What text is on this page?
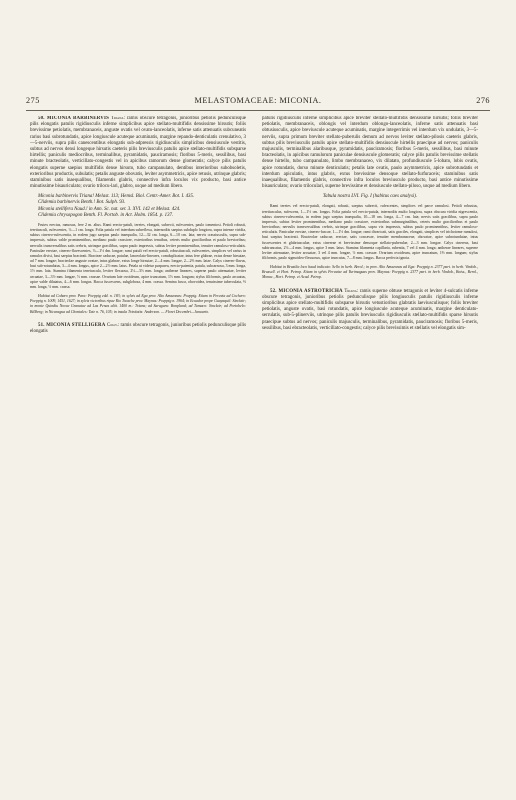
275	MELASTOMACEAE: MICONIA.	276

50. MICONIA BARBINERVIS Triana: ramis obscure tetragonis, junioribus petiolis pedunculisque pilis elongatis patulis rigidiusculis inferne simplicibus apice stellato-multifidis densissime hirsutis; foliis brevissime petiolatis, membranaceis, anguste ovatis vel ovato-lanceolatis, inferne satis attenuatis subcuneatis rarius basi subrotundatis, apice longiuscule acuteque acuminatis, margine repando-denticulatis crenulativo, 3—5-nerviis, supra pilis canescentibus elongatis sub-adpressis rigidiusculis simplicibus densiuscule vestitis, subtus ad nervos densi longeque hirsutis caeteris pilis breviusculis patulis apice stellato-multifidis subsparse hirtellis; paniculis mediocribus, terminalibus, pyramidatis, pauciramosis; floribus 5-meris, sessilibus, basi minute bracteolatis, verticillato-congestis vel in apicibus ramorum dense glomeratis; calyce pilis patulis elongatis superne saepius multifidis dense hirsuto, tubo campanulato, dentibus interioribus subobsoletis, exterioribus productis, subulatis; petalis anguste obovatis, leviter asymmetricis, apice retusis, utrinque glabris; staminibus satis inaequalibus, filamentis glabris, connectivo infra loculos vix producto, basi antice minutissime bisauriculato; ovario trilocu-lari, glabro, usque ad medium libero.

Miconia barbinervis Triana! Melast. 113; Hemsl. Biol. Centr.-Amer. Bot. I. 435.

Clidemia barbinervis Benth.! Bot. Sulph. 93.

Miconia stellifera Naud.! in Ann. Sc. nat. ser. 3. XVI. 142 et Melast. 424.

Clidemia chrysopogon Benth. Fl. Portob. in Act. Holm. 1854. p. 137.

Frutex erectus, ramosus, fere 2 m. altus. Rami erecto-patuli, teretes, elongati, subrecti, rufescentes, paulo tomentosi. Petioli robusti, teretiusculi, rufescentes, ⅓—1 cm. longa. Folia patula vel interdum subreflexa, internodiis saepius subduplo longiora, supra intense viridia, subtus cinereo-rufescentia, in eodem jugo saepius paulo inaequalia, 12—32 cm. longa, 6—10 cm. lata; nervis crassiusculis, supra sub-impressis, subtus valde prominentibus, mediano paulo crassiore, exterioribus tenuibus, ceteris multo gracilioribus et paulo brevioribus; nervulis transversalibus satis crebris, utrinque gracilibus, supra paulo impressis, subtus leviter prominentibus, tenuiter ramuloso-reticulatis. Paniculae erectae, cinereo-flavescentes, ⅓—1½ dm. longae; rami patuli vel erecto-patuli, robustiusculi, rufescentes, simplices vel rarius in ramulos divisi, basi saepius bracteati. Bracteae caducae, patulae, lanceolato-lineares, comduplicatae, intus fere glabrae, extus dense hirsutae, ad 7 mm. longae; bracteolae anguste ovatae, intus glabrae, extus longe hirsutae, 2—4 mm. longae, 2—2⅔ mm. latae. Calyx cinereo-flavus, basi sub-rotundatus, 3—4 mm. longus, apice 2—2½ mm. latus. Petala ut videtur purpurea, erecto-patentia, patula, subcarnosa, 3 mm. longa, 1½ mm. lata. Stamina filamenta teneiuscula, leviter flexuosa, 2⅓—3⅓ mm. longa; antherae lineares, superne paulo attenuatae, leviter arcuatae, 3—3½ mm. longae, ⅓ mm. crassae. Ovarium late ovoideum, apice truncatum, 1⅓ mm. longum; stylus filiformis, paulo arcuatus, apice valde dilatatus, 4—6 mm. longus. Bacca fuscescens, subglobosa, 4 mm. crassa. Semina fusca, obovoidea, tenuissime tuberculata, ⅔ mm. longa, ⅓ mm. crassa.

Habitat ad Cobaro prov. Para: Poeppig edd. n. 183; in sylvis ad Ega prov. Alto Amazonas: Poeppig. Etiam in Peruvia ad Cochero: Poeppig n. 1009, 1451, 1627; in sylvis victoribus ripae Rio Tocache prov. Maynas: Poeppig n. 1964; in Ecuador prope Guayaquil: Sinclair; in monte Quindiu Novae Granatae ad Las Penas altit. 1400 m.: Triana; ad Saraguru: Bonpland; ad Tumaco: Sinclair; ad Portobelo: Billberg; in Nicaragua ad Chontales: Tate n. 76, 105; in insula Trinitatis: Anderson. — Floret Decembri—Januario.

51. MICONIA STELLIGERA Cogn.: ramis obscure tetragonis, junioribus petiolis pedunculisque pilis elongatis

patulis rigidiusculis inferne simplicibus apice breviter stellato-multifidis densissime hirsutis; foliis breviter petiolatis, membranaceis, oblongis vel interdum oblongo-lanceolatis, inferne satis attenuatis basi obtusiusculis, apice breviuscule acuteque acuminatis, margine integerrimis vel interdum vix undulatis, 3—5-nerviis, supra primum breviter stellato-puberulis demum ad nervos leviter stellato-pilosis caeteris glabris, subtus pilis breviusculis patulis apice stellato-multifidis densiuscule hirtellis praecipue ad nervos; paniculis majusculis, terminalibus alaribusque, pyramidatis, pauciramosis; floribus 5-meris, sessilibus, basi minute bracteolatis, in apicibus ramulorum paniculae densiuscule glomeratis; calyce pilis patulis brevissime stellatis dense hirtello, tubo campanulato, limbo membranaceo, vix dilatato, profundiuscule 5-lobato, lobis ovatis, apice rotundatis, dorso minute denticulatis; petalis late ovatis, paulo asymmetricis, apice subrotundatis et interdum apiculatis, intus glabris, extus brevissime densoque stellato-furfuraceis; staminibus satis inaequalibus, filamentis glabris, connectivo infra loculos breviusculo producto, basi antice minutissime bisauriculato; ovario triloculari, superne brevissime et densiuscule stellato-piloso, usque ad medium libero.

Tabula nostra LVI. Fig. I (habitus caes analysi).

Rami teretes vel erecto-patuli, elongati, robusti, saepius subrecti, rufescentes, simplices vel parce ramulosi. Petioli robustus, teretiusculus, rufescens, 1—1½ cm. longus. Folia patula vel erecto-patula, internodiis multo longiora, supra obscura viridia nigrescentia, subtus cinereo-rufescentia, in eodem jugo saepius inaequalia, 10—18 cm. longa, 4—7 cm. lata; nervis satis gracilibus, supra paulo impressis, subtus leviter prominentibus, mediano paulo crassiore, exterioribus submarginalibus, ceteris multo gracilioribus et paulo brevioribus; nervulis transversalibus crebris, utrinque gracilibus, supra vix impressis, subtus paulo prominentibus, leviter ramuloso-reticulatis. Paniculae erectae, cinereo-fuscae, 1—1½ dm. longae; rami divaricati, satis graciles, elongati, simplices vel trichotome ramulosi, basi saepius bracteati. Bracteolae caducae, erectae, satis concavae, tenuiter membranaceae, obovatae, apice subrotundatae, intus fuscescentes et glabriusculae, extus cinereae et brevissime densoque stellato-puberulae, 2—3 mm. longae. Calyx cinereus, basi subtruncatus, 2½—4 mm. longus, apice 3 mm. latus. Stamina filamenta capillaria, rubentia, 7 vel 4 mm. longa; antherae lineares, superne leviter attenuatae, leviter arcuatae, 3 vel 4 mm. longae, ⅓ mm. crassae. Ovarium ovoideum, apice truncatum, 1⅔ mm. longum; stylus filiformis, paulo sigmoideo-flexuosus, apice truncatus, 7—8 mm. longus. Bacca perfecta ignota.

Habitat in Brasilia loco haud indicato: Sello in herb. Berol.; in prov. Alto Amazonas ad Ega: Poeppig n. 2377 part. in herb. Vindob., Brussell. et Hort. Petrop. Etiam in sylvis Peruviae ad Yurimaguas prov. Maynas: Poeppig n. 2377 part. in herb. Vindob., Boiss., Berol., Monac., Hort. Petrop. et Acad. Petrop.

52. MICONIA ASTROTRICHA Triana: ramis superne obtuse tetragonis et leviter 4-sulcatis inferne obscure tetragonis, junioribus petiolis pedunculisque pilis longiusculis patulis rigidiusculis inferne simplicibus apice stellato-multifidis subsparse hirsutis vetustioribus glabratis laeviusculisque; foliis breviter petiolatis, anguste ovatis, basi rotundatis, apice longiuscule acuteque acuminatis, margine denticulato-serrulatis, sub-5-plinerviis, utrinque pilis patulis breviusculis rigidiusculis stellato-multifidis sparse hirsutis praecipue subtus ad nervos; paniculis majusculis, terminalibus, pyramidatis, pauciramosis; floribus 5-meris, sessilibus, basi ebracteolatis, verticillato-congestis; calyce pilis brevissimis et stellatis vel elongatis sim-
